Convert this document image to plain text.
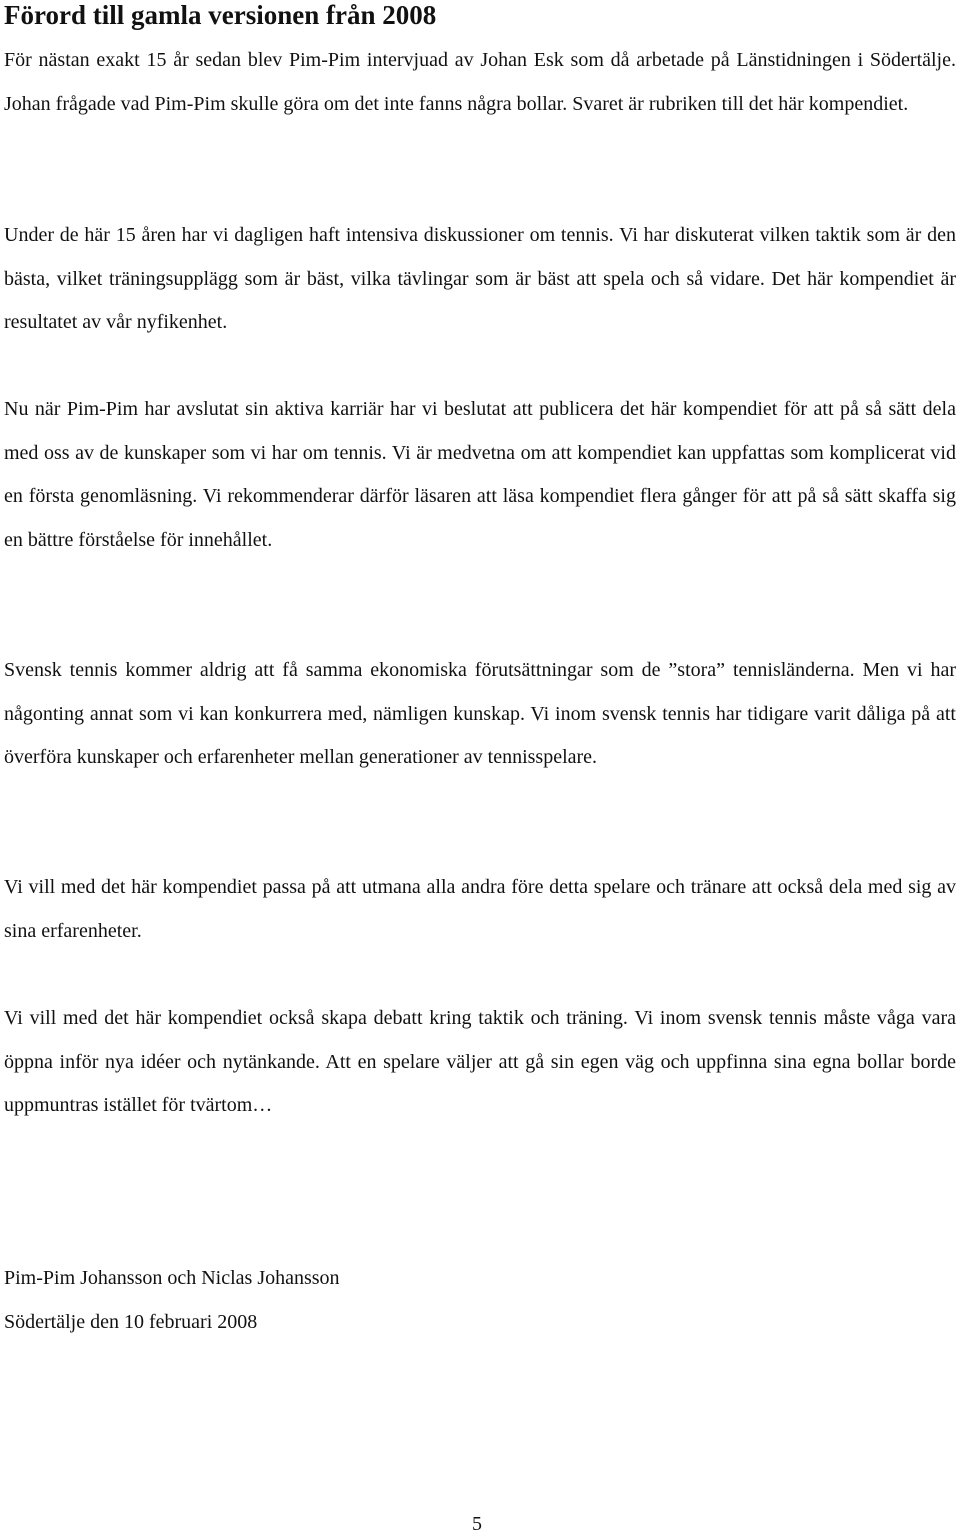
Förord till gamla versionen från 2008

För nästan exakt 15 år sedan blev Pim-Pim intervjuad av Johan Esk som då arbetade på Länstidningen i Södertälje. Johan frågade vad Pim-Pim skulle göra om det inte fanns några bollar. Svaret är rubriken till det här kompendiet.

Under de här 15 åren har vi dagligen haft intensiva diskussioner om tennis. Vi har diskuterat vilken taktik som är den bästa, vilket träningsupplägg som är bäst, vilka tävlingar som är bäst att spela och så vidare. Det här kompendiet är resultatet av vår nyfikenhet.

Nu när Pim-Pim har avslutat sin aktiva karriär har vi beslutat att publicera det här kompendiet för att på så sätt dela med oss av de kunskaper som vi har om tennis. Vi är medvetna om att kompendiet kan uppfattas som komplicerat vid en första genomläsning. Vi rekommenderar därför läsaren att läsa kompendiet flera gånger för att på så sätt skaffa sig en bättre förståelse för innehållet.

Svensk tennis kommer aldrig att få samma ekonomiska förutsättningar som de ”stora” tennisländerna. Men vi har någonting annat som vi kan konkurrera med, nämligen kunskap. Vi inom svensk tennis har tidigare varit dåliga på att överföra kunskaper och erfarenheter mellan generationer av tennisspelare.

Vi vill med det här kompendiet passa på att utmana alla andra före detta spelare och tränare att också dela med sig av sina erfarenheter.

Vi vill med det här kompendiet också skapa debatt kring taktik och träning. Vi inom svensk tennis måste våga vara öppna inför nya idéer och nytänkande. Att en spelare väljer att gå sin egen väg och uppfinna sina egna bollar borde uppmuntras istället för tvärtom…

Pim-Pim Johansson och Niclas Johansson

Södertälje den 10 februari 2008

5
